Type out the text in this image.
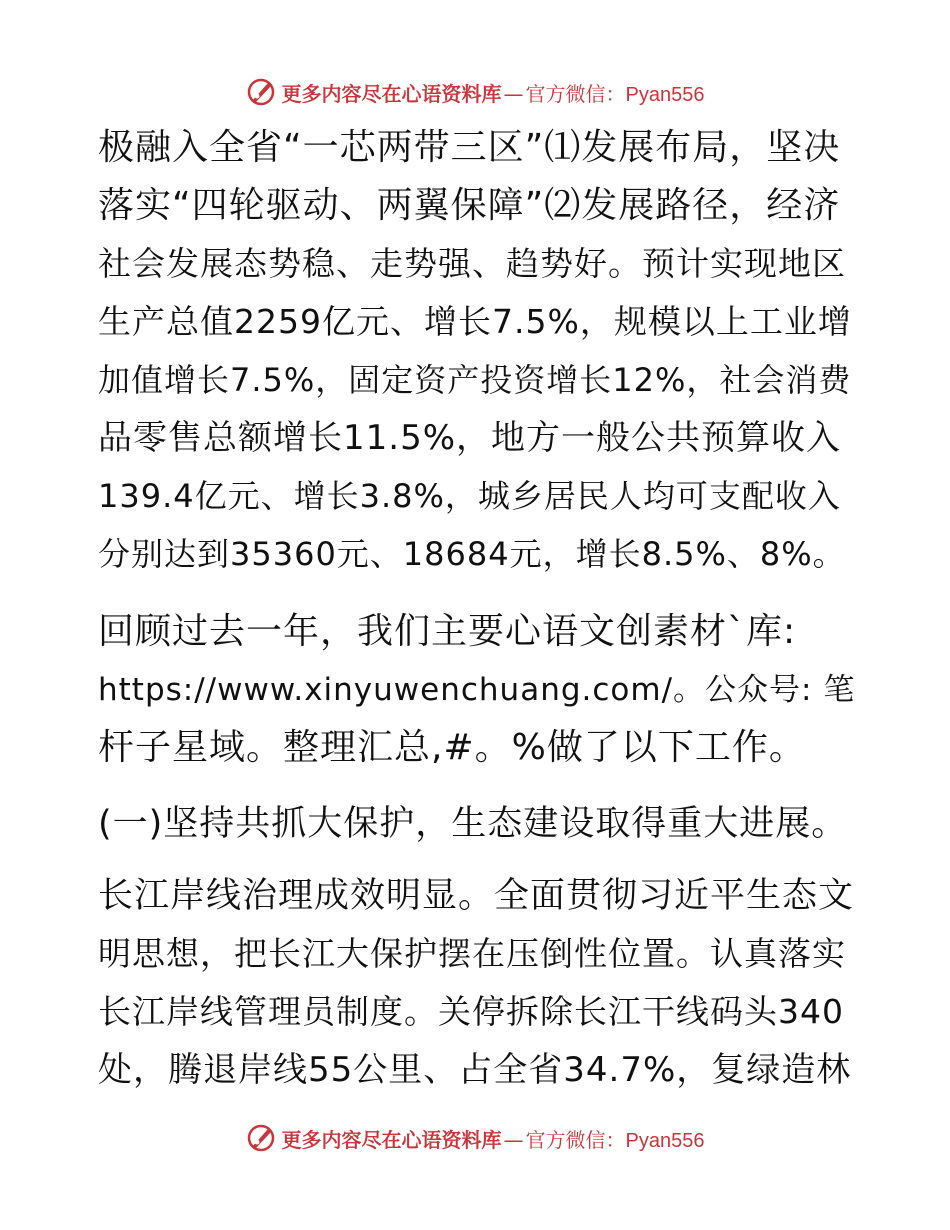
更多内容尽在心语资料库 — 官方微信： Pyan556
极融入全省“一芯两带三区”⑴发展布局，坚决
落实“四轮驱动、两翼保障”⑵发展路径，经济
社会发展态势稳、走势强、趋势好。预计实现地区
生产总值2259亿元、增长7.5%，规模以上工业增
加值增长7.5%，固定资产投资增长12%，社会消费
品零售总额增长11.5%，地方一般公共预算收入
139.4亿元、增长3.8%，城乡居民人均可支配收入
分别达到35360元、18684元，增长8.5%、8%。
回顾过去一年，我们主要心语文创素材`库:
https://www.xinyuwenchuang.com/。公众号: 笔
杆子星域。整理汇总,#。%做了以下工作。
(一)坚持共抓大保护，生态建设取得重大进展。
长江岸线治理成效明显。全面贯彻习近平生态文
明思想，把长江大保护摆在压倒性位置。认真落实
长江岸线管理员制度。关停拆除长江干线码头340
处，腾退岸线55公里、占全省34.7%，复绿造林
更多内容尽在心语资料库 — 官方微信： Pyan556
